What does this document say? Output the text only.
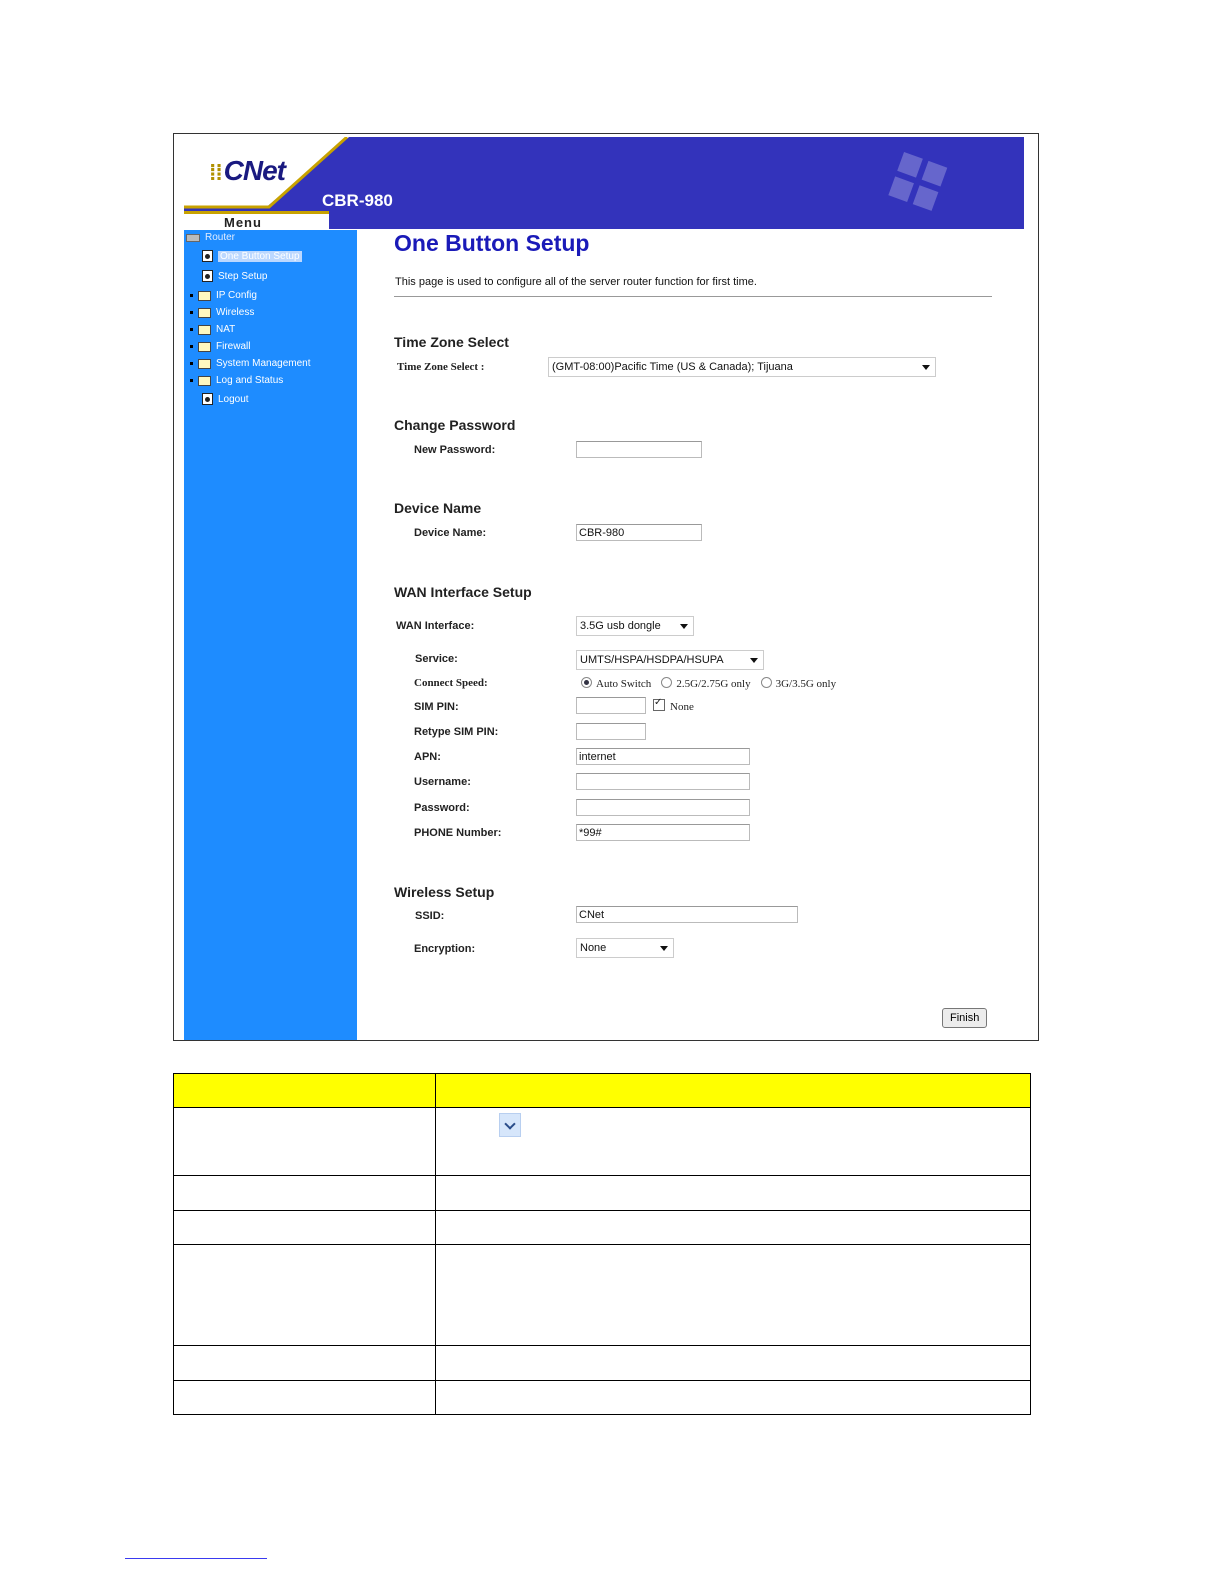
⁞⁞CNet
CBR-980
Menu
Router
One Button Setup
Step Setup
IP Config
Wireless
NAT
Firewall
System Management
Log and Status
Logout
One Button Setup
This page is used to configure all of the server router function for first time.
Time Zone Select
Time Zone Select :	(GMT-08:00)Pacific Time (US & Canada); Tijuana
Change Password
New Password:
Device Name
Device Name:	CBR-980
WAN Interface Setup
WAN Interface:	3.5G usb dongle
Service:	UMTS/HSPA/HSDPA/HSUPA
Connect Speed:	Auto Switch	2.5G/2.75G only	3G/3.5G only
SIM PIN:
✓	None
Retype SIM PIN:
APN:	internet
Username:
Password:
PHONE Number:	*99#
Wireless Setup
SSID:	CNet
Encryption:	None
Finish
